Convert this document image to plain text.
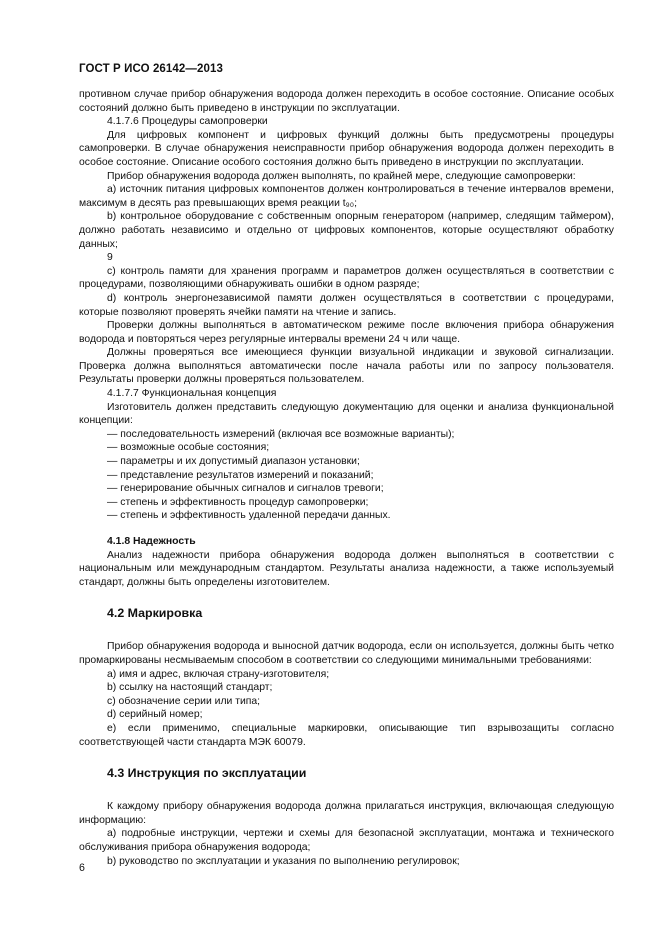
ГОСТ Р ИСО 26142—2013
противном случае прибор обнаружения водорода должен переходить в особое состояние. Описание особых состояний должно быть приведено в инструкции по эксплуатации.
4.1.7.6 Процедуры самопроверки
Для цифровых компонент и цифровых функций должны быть предусмотрены процедуры самопроверки. В случае обнаружения неисправности прибор обнаружения водорода должен переходить в особое состояние. Описание особого состояния должно быть приведено в инструкции по эксплуатации.
Прибор обнаружения водорода должен выполнять, по крайней мере, следующие самопроверки:
a) источник питания цифровых компонентов должен контролироваться в течение интервалов времени, максимум в десять раз превышающих время реакции t₉₀;
b) контрольное оборудование с собственным опорным генератором (например, следящим таймером), должно работать независимо и отдельно от цифровых компонентов, которые осуществляют обработку данных;
9
c) контроль памяти для хранения программ и параметров должен осуществляться в соответствии с процедурами, позволяющими обнаруживать ошибки в одном разряде;
d) контроль энергонезависимой памяти должен осуществляться в соответствии с процедурами, которые позволяют проверять ячейки памяти на чтение и запись.
Проверки должны выполняться в автоматическом режиме после включения прибора обнаружения водорода и повторяться через регулярные интервалы времени 24 ч или чаще.
Должны проверяться все имеющиеся функции визуальной индикации и звуковой сигнализации. Проверка должна выполняться автоматически после начала работы или по запросу пользователя. Результаты проверки должны проверяться пользователем.
4.1.7.7 Функциональная концепция
Изготовитель должен представить следующую документацию для оценки и анализа функциональной концепции:
— последовательность измерений (включая все возможные варианты);
— возможные особые состояния;
— параметры и их допустимый диапазон установки;
— представление результатов измерений и показаний;
— генерирование обычных сигналов и сигналов тревоги;
— степень и эффективность процедур самопроверки;
— степень и эффективность удаленной передачи данных.
4.1.8 Надежность
Анализ надежности прибора обнаружения водорода должен выполняться в соответствии с национальным или международным стандартом. Результаты анализа надежности, а также используемый стандарт, должны быть определены изготовителем.
4.2 Маркировка
Прибор обнаружения водорода и выносной датчик водорода, если он используется, должны быть четко промаркированы несмываемым способом в соответствии со следующими минимальными требованиями:
a) имя и адрес, включая страну-изготовителя;
b) ссылку на настоящий стандарт;
c) обозначение серии или типа;
d) серийный номер;
e) если применимо, специальные маркировки, описывающие тип взрывозащиты согласно соответствующей части стандарта МЭК 60079.
4.3 Инструкция по эксплуатации
К каждому прибору обнаружения водорода должна прилагаться инструкция, включающая следующую информацию:
a) подробные инструкции, чертежи и схемы для безопасной эксплуатации, монтажа и технического обслуживания прибора обнаружения водорода;
b) руководство по эксплуатации и указания по выполнению регулировок;
6
